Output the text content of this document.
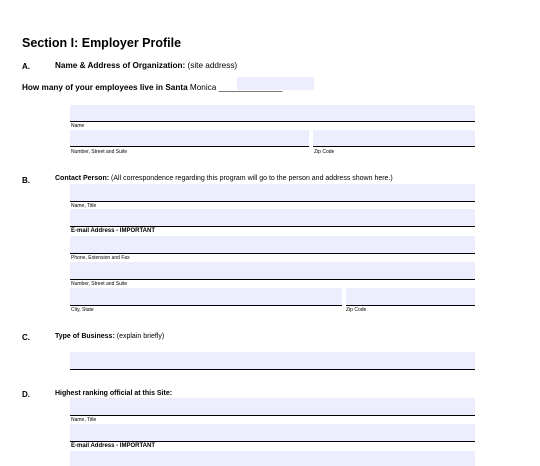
Section I: Employer Profile
A.	Name & Address of Organization: (site address)
How many of your employees live in Santa Monica ______________
Name
Number, Street and Suite	Zip Code
B.	Contact Person: (All correspondence regarding this program will go to the person and address shown here.)
Name, Title
E-mail Address - IMPORTANT
Phone, Extension and Fax
Number, Street and Suite
City, State	Zip Code
C.	Type of Business: (explain briefly)
D.	Highest ranking official at this Site:
Name, Title
E-mail Address - IMPORTANT
